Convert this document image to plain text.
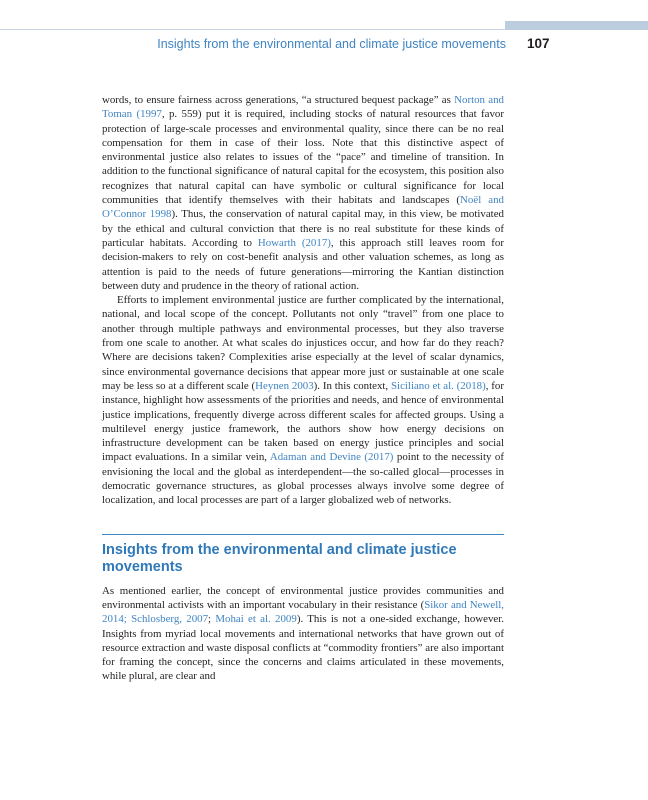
Insights from the environmental and climate justice movements 107

words, to ensure fairness across generations, “a structured bequest package” as Norton and Toman (1997, p. 559) put it is required, including stocks of natural resources that favor protection of large-scale processes and environmental quality, since there can be no real compensation for them in case of their loss. Note that this distinctive aspect of environmental justice also relates to issues of the “pace” and timeline of transition. In addition to the functional significance of natural capital for the ecosystem, this position also recognizes that natural capital can have symbolic or cultural significance for local communities that identify themselves with their habitats and landscapes (Noël and O’Connor 1998). Thus, the conservation of natural capital may, in this view, be motivated by the ethical and cultural conviction that there is no real substitute for these kinds of particular habitats. According to Howarth (2017), this approach still leaves room for decision-makers to rely on cost-benefit analysis and other valuation schemes, as long as attention is paid to the needs of future generations—mirroring the Kantian distinction between duty and prudence in the theory of rational action.

Efforts to implement environmental justice are further complicated by the international, national, and local scope of the concept. Pollutants not only “travel” from one place to another through multiple pathways and environmental processes, but they also traverse from one scale to another. At what scales do injustices occur, and how far do they reach? Where are decisions taken? Complexities arise especially at the level of scalar dynamics, since environmental governance decisions that appear more just or sustainable at one scale may be less so at a different scale (Heynen 2003). In this context, Siciliano et al. (2018), for instance, highlight how assessments of the priorities and needs, and hence of environmental justice implications, frequently diverge across different scales for affected groups. Using a multilevel energy justice framework, the authors show how energy decisions on infrastructure development can be taken based on energy justice principles and social impact evaluations. In a similar vein, Adaman and Devine (2017) point to the necessity of envisioning the local and the global as interdependent—the so-called glocal—processes in democratic governance structures, as global processes always involve some degree of localization, and local processes are part of a larger globalized web of networks.

Insights from the environmental and climate justice movements

As mentioned earlier, the concept of environmental justice provides communities and environmental activists with an important vocabulary in their resistance (Sikor and Newell, 2014; Schlosberg, 2007; Mohai et al. 2009). This is not a one-sided exchange, however. Insights from myriad local movements and international networks that have grown out of resource extraction and waste disposal conflicts at “commodity frontiers” are also important for framing the concept, since the concerns and claims articulated in these movements, while plural, are clear and
